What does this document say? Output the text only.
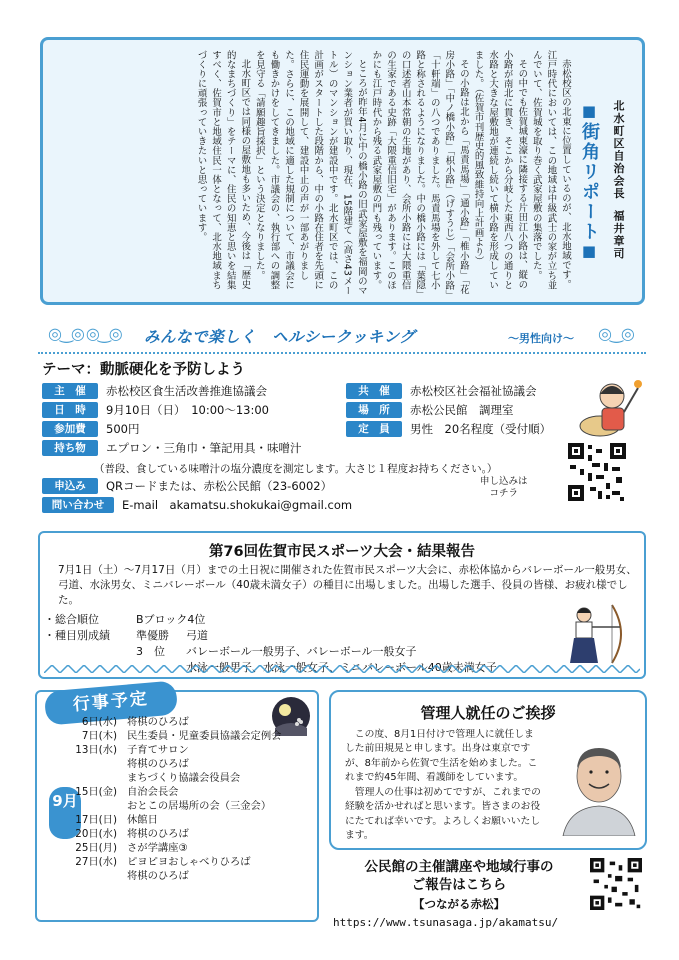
赤松校区の北東に位置しているのが、北水地域です。江戸時代においては、この地域は中級武士の家が立ち並んでいて、佐賀城を取り巻く武家屋敷の集落でした。

その中でも佐賀城東濠に隣接する片田江小路は、縦の小路が南北に貫き、そこから分岐した東西八つの通りと水路と大きな屋敷地が連続し続いて横小路を形成していました。（佐賀市刊歴史的風致維持向上計画より）

その小路は北から「馬責馬場」「通小路」「椎小路」「花房小路」「中ノ橋小路」「枳小路」（げすうじ）「会所小路」「十軒端」の八つでありました。馬責馬場を外して七小路と称されるようになりました。中の橋小路には「葉隠」の口述者山本常朝の生地があり、会所小路には大隈重信の生家である史跡「大隈重信旧宅」があります。このほかにも江戸時代から残る武家屋敷の門も残っています。

ところが昨年4月に中の橋小路の旧武家屋敷を福岡のマンション業者が買い取り、現在、15階建て（高さ43メートル）のマンションが建設中です。北水町区では、この計画がスタートした段階から、中の小路在住者を先頭に住民運動を展開して、建設中止の声が一部あがりました。さらに、この地域に適した規制について、市議会にも働きかけをしてきました。市議会の、執行部への調整を見守る「請願趣旨採択」という決定となりました。

北水町区では同様の屋敷地も多いため、今後は「歴史的なまちづくり」をテーマに、住民の知恵と思いを結集すべく、佐賀市と地域住民一体となって、北水地域まちづくりに頑張っていきたいと思っています。	■街角リポート■
北水町区自治会長福井章司
◎‿◎ ◎‿◎ みんなで楽しく　ヘルシークッキング	～男性向け～ ◎‿◎
テーマ：動脈硬化を予防しよう
主　催 赤松校区食生活改善推進協議会	共　催 赤松校区社会福祉協議会
日　時 9月10日（日）　10:00～13:00	場　所 赤松公民館　調理室
参加費 500円	定　員 男性　20名程度（受付順）
持ち物 エプロン・三角巾・筆記用具・味噌汁
（普段、食している味噌汁の塩分濃度を測定します。大さじ１程度お持ちください。）
申込み QRコードまたは、赤松公民館（23-6002）
問い合わせ E-mail　akamatsu.shokukai@gmail.com
申し込みは
コチラ
第76回佐賀市民スポーツ大会・結果報告
7月1日（土）～7月17日（月）までの土日祝に開催された佐賀市民スポーツ大会に、赤松体協からバレーボール一般男女、弓道、水泳男女、ミニバレーボール（40歳未満女子）の種目に出場しました。出場した選手、役員の皆様、お疲れ様でした。
・総合順位	Bブロック4位
・種目別成績 準優勝 弓道
3　位 バレーボール一般男子、バレーボール一般女子
水泳一般男子、水泳一般女子、ミニバレーボール40歳未満女子
行事予定
9月
6日(水) 将棋のひろば
7日(木) 民生委員・児童委員協議会定例会
13日(水) 子育てサロン
将棋のひろば
まちづくり協議会役員会
15日(金) 自治会長会
おとこの居場所の会（三金会）
17日(日) 休館日
20日(水) 将棋のひろば
25日(月) さが学講座③
27日(水) ピヨピヨおしゃべりひろば
将棋のひろば
管理人就任のご挨拶

この度、8月1日付けで管理人に就任しました前田規晃と申します。出身は東京ですが、8年前から佐賀で生活を始めました。これまで約45年間、看護師をしています。

管理人の仕事は初めてですが、これまでの経験を活かせればと思います。皆さまのお役にたてれば幸いです。よろしくお願いいたします。

公民館の主催講座や地域行事の
ご報告はこちら
【つながる赤松】
https://www.tsunasaga.jp/akamatsu/
